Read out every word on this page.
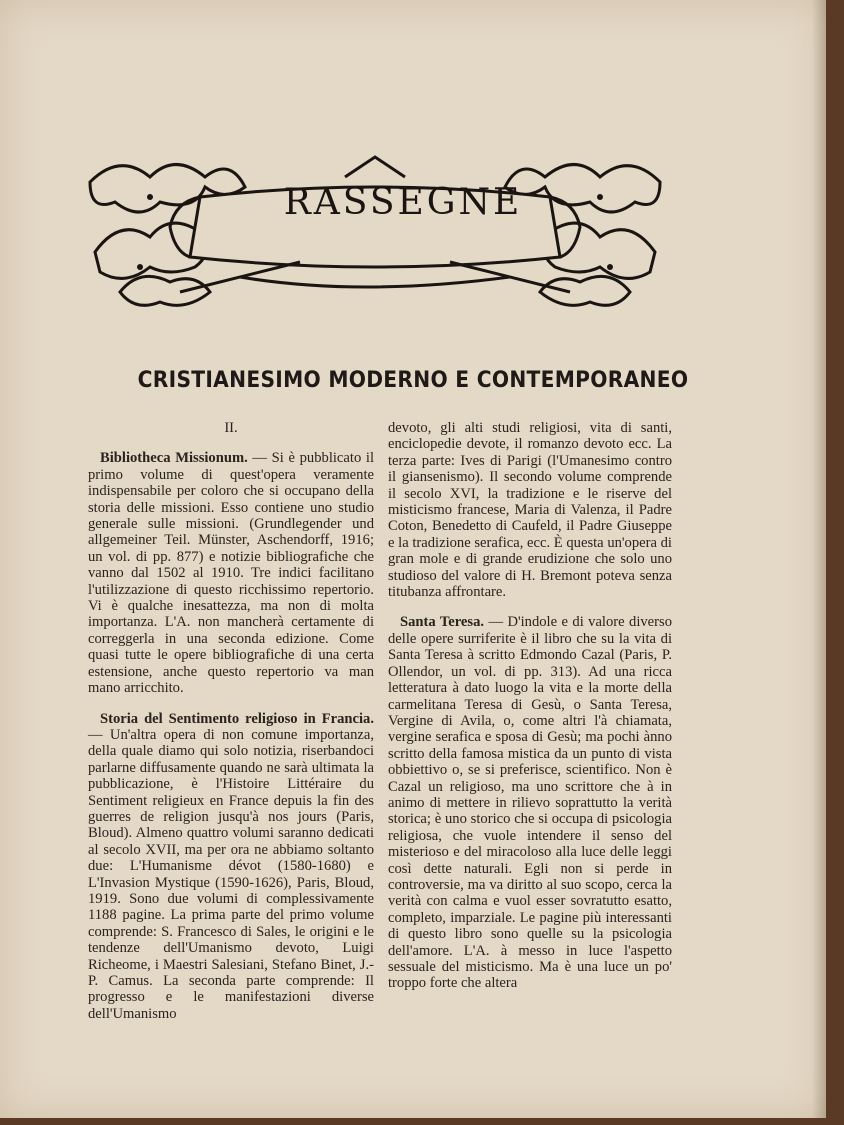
RASSEGNE
CRISTIANESIMO MODERNO E CONTEMPORANEO

II.

Bibliotheca Missionum. — Si è pubblicato il primo volume di quest'opera veramente indispensabile per coloro che si occupano della storia delle missioni. Esso contiene uno studio generale sulle missioni. (Grundlegender und allgemeiner Teil. Münster, Aschendorff, 1916; un vol. di pp. 877) e notizie bibliografiche che vanno dal 1502 al 1910. Tre indici facilitano l'utilizzazione di questo ricchissimo repertorio. Vi è qualche inesattezza, ma non di molta importanza. L'A. non mancherà certamente di correggerla in una seconda edizione. Come quasi tutte le opere bibliografiche di una certa estensione, anche questo repertorio va man mano arricchito.

Storia del Sentimento religioso in Francia. — Un'altra opera di non comune importanza, della quale diamo qui solo notizia, riserbandoci parlarne diffusamente quando ne sarà ultimata la pubblicazione, è l'Histoire Littéraire du Sentiment religieux en France depuis la fin des guerres de religion jusqu'à nos jours (Paris, Bloud). Almeno quattro volumi saranno dedicati al secolo XVII, ma per ora ne abbiamo soltanto due: L'Humanisme dévot (1580-1680) e L'Invasion Mystique (1590-1626), Paris, Bloud, 1919. Sono due volumi di complessivamente 1188 pagine. La prima parte del primo volume comprende: S. Francesco di Sales, le origini e le tendenze dell'Umanismo devoto, Luigi Richeome, i Maestri Salesiani, Stefano Binet, J.-P. Camus. La seconda parte comprende: Il progresso e le manifestazioni diverse dell'Umanismo

devoto, gli alti studi religiosi, vita di santi, enciclopedie devote, il romanzo devoto ecc. La terza parte: Ives di Parigi (l'Umanesimo contro il giansenismo). Il secondo volume comprende il secolo XVI, la tradizione e le riserve del misticismo francese, Maria di Valenza, il Padre Coton, Benedetto di Caufeld, il Padre Giuseppe e la tradizione serafica, ecc. È questa un'opera di gran mole e di grande erudizione che solo uno studioso del valore di H. Bremont poteva senza titubanza affrontare.

Santa Teresa. — D'indole e di valore diverso delle opere surriferite è il libro che su la vita di Santa Teresa à scritto Edmondo Cazal (Paris, P. Ollendor, un vol. di pp. 313). Ad una ricca letteratura à dato luogo la vita e la morte della carmelitana Teresa di Gesù, o Santa Teresa, Vergine di Avila, o, come altri l'à chiamata, vergine serafica e sposa di Gesù; ma pochi ànno scritto della famosa mistica da un punto di vista obbiettivo o, se si preferisce, scientifico. Non è Cazal un religioso, ma uno scrittore che à in animo di mettere in rilievo soprattutto la verità storica; è uno storico che si occupa di psicologia religiosa, che vuole intendere il senso del misterioso e del miracoloso alla luce delle leggi così dette naturali. Egli non si perde in controversie, ma va diritto al suo scopo, cerca la verità con calma e vuol esser sovratutto esatto, completo, imparziale. Le pagine più interessanti di questo libro sono quelle su la psicologia dell'amore. L'A. à messo in luce l'aspetto sessuale del misticismo. Ma è una luce un po' troppo forte che altera
